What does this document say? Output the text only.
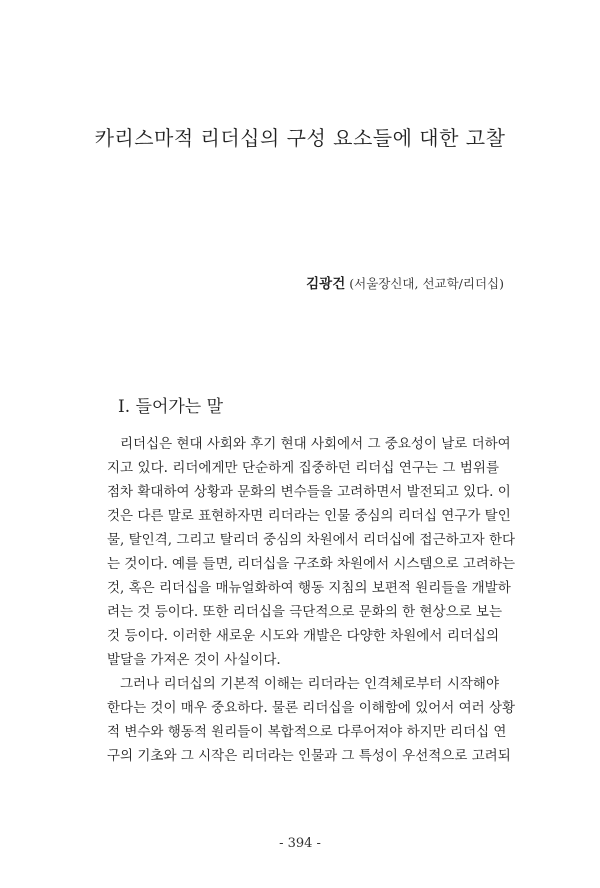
카리스마적 리더십의 구성 요소들에 대한 고찰
김광건 (서울장신대, 선교학/리더십)
I. 들어가는 말
리더십은 현대 사회와 후기 현대 사회에서 그 중요성이 날로 더하여
지고 있다. 리더에게만 단순하게 집중하던 리더십 연구는 그 범위를
점차 확대하여 상황과 문화의 변수들을 고려하면서 발전되고 있다. 이
것은 다른 말로 표현하자면 리더라는 인물 중심의 리더십 연구가 탈인
물, 탈인격, 그리고 탈리더 중심의 차원에서 리더십에 접근하고자 한다
는 것이다. 예를 들면, 리더십을 구조화 차원에서 시스템으로 고려하는
것, 혹은 리더십을 매뉴얼화하여 행동 지침의 보편적 원리들을 개발하
려는 것 등이다. 또한 리더십을 극단적으로 문화의 한 현상으로 보는
것 등이다. 이러한 새로운 시도와 개발은 다양한 차원에서 리더십의
발달을 가져온 것이 사실이다.
그러나 리더십의 기본적 이해는 리더라는 인격체로부터 시작해야
한다는 것이 매우 중요하다. 물론 리더십을 이해함에 있어서 여러 상황
적 변수와 행동적 원리들이 복합적으로 다루어져야 하지만 리더십 연
구의 기초와 그 시작은 리더라는 인물과 그 특성이 우선적으로 고려되
- 394 -
